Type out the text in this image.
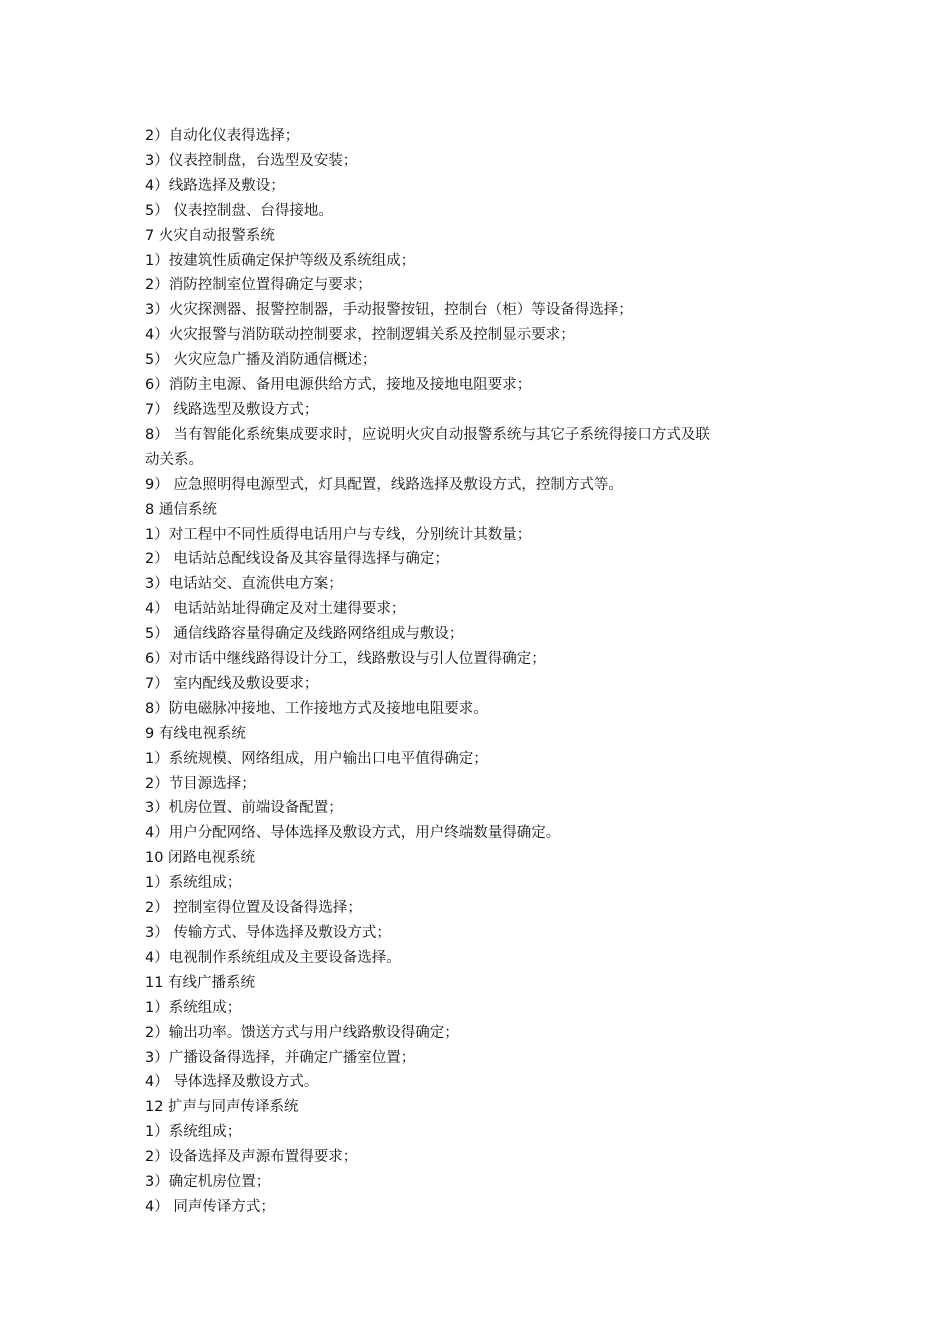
2）自动化仪表得选择；

3）仪表控制盘，台选型及安装；

4）线路选择及敷设；

5） 仪表控制盘、台得接地。

7 火灾自动报警系统

1）按建筑性质确定保护等级及系统组成；

2）消防控制室位置得确定与要求；

3）火灾探测器、报警控制器，手动报警按钮，控制台（柜）等设备得选择；

4）火灾报警与消防联动控制要求，控制逻辑关系及控制显示要求；

5） 火灾应急广播及消防通信概述；

6）消防主电源、备用电源供给方式，接地及接地电阻要求；

7） 线路选型及敷设方式；

8） 当有智能化系统集成要求时，应说明火灾自动报警系统与其它子系统得接口方式及联

动关系。

9） 应急照明得电源型式，灯具配置，线路选择及敷设方式，控制方式等。

8 通信系统

1）对工程中不同性质得电话用户与专线，分别统计其数量；

2） 电话站总配线设备及其容量得选择与确定；

3）电话站交、直流供电方案；

4） 电话站站址得确定及对土建得要求；

5） 通信线路容量得确定及线路网络组成与敷设；

6）对市话中继线路得设计分工，线路敷设与引人位置得确定；

7） 室内配线及敷设要求；

8）防电磁脉冲接地、工作接地方式及接地电阻要求。

9 有线电视系统

1）系统规模、网络组成，用户输出口电平值得确定；

2）节目源选择；

3）机房位置、前端设备配置；

4）用户分配网络、导体选择及敷设方式，用户终端数量得确定。

10 闭路电视系统

1）系统组成；

2） 控制室得位置及设备得选择；

3） 传输方式、导体选择及敷设方式；

4）电视制作系统组成及主要设备选择。

11 有线广播系统

1）系统组成；

2）输出功率。馈送方式与用户线路敷设得确定；

3）广播设备得选择，并确定广播室位置；

4） 导体选择及敷设方式。

12 扩声与同声传译系统

1）系统组成；

2）设备选择及声源布置得要求；

3）确定机房位置；

4） 同声传译方式；
